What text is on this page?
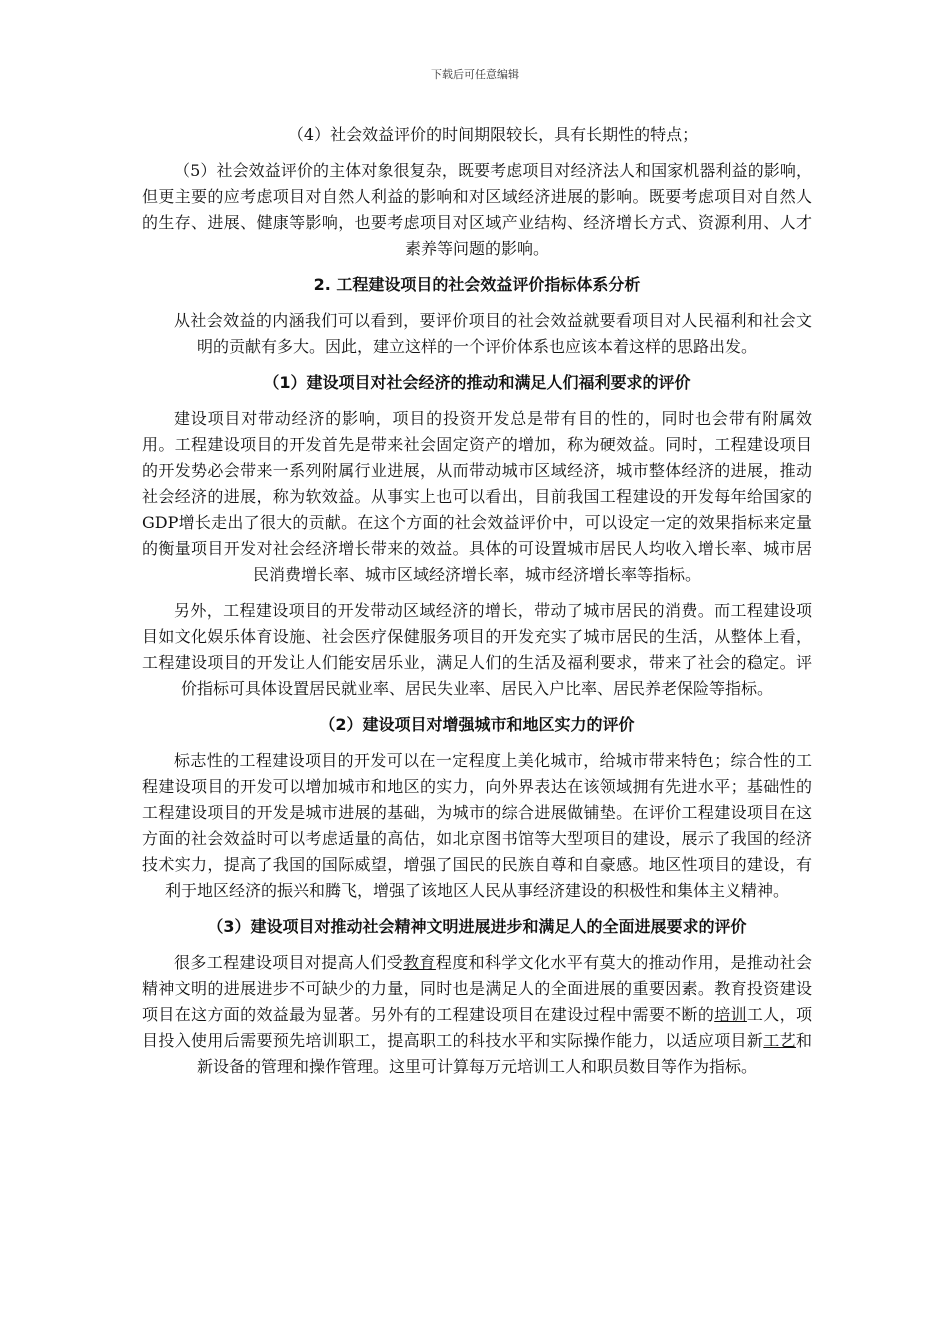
下载后可任意编辑

（4）社会效益评价的时间期限较长，具有长期性的特点；

（5）社会效益评价的主体对象很复杂，既要考虑项目对经济法人和国家机器利益的影响，但更主要的应考虑项目对自然人利益的影响和对区域经济进展的影响。既要考虑项目对自然人的生存、进展、健康等影响，也要考虑项目对区域产业结构、经济增长方式、资源利用、人才素养等问题的影响。

2. 工程建设项目的社会效益评价指标体系分析

从社会效益的内涵我们可以看到，要评价项目的社会效益就要看项目对人民福利和社会文明的贡献有多大。因此，建立这样的一个评价体系也应该本着这样的思路出发。

（1）建设项目对社会经济的推动和满足人们福利要求的评价

建设项目对带动经济的影响，项目的投资开发总是带有目的性的，同时也会带有附属效用。工程建设项目的开发首先是带来社会固定资产的增加，称为硬效益。同时，工程建设项目的开发势必会带来一系列附属行业进展，从而带动城市区域经济，城市整体经济的进展，推动社会经济的进展，称为软效益。从事实上也可以看出，目前我国工程建设的开发每年给国家的GDP增长走出了很大的贡献。在这个方面的社会效益评价中，可以设定一定的效果指标来定量的衡量项目开发对社会经济增长带来的效益。具体的可设置城市居民人均收入增长率、城市居民消费增长率、城市区域经济增长率，城市经济增长率等指标。

另外，工程建设项目的开发带动区域经济的增长，带动了城市居民的消费。而工程建设项目如文化娱乐体育设施、社会医疗保健服务项目的开发充实了城市居民的生活，从整体上看，工程建设项目的开发让人们能安居乐业，满足人们的生活及福利要求，带来了社会的稳定。评价指标可具体设置居民就业率、居民失业率、居民入户比率、居民养老保险等指标。

（2）建设项目对增强城市和地区实力的评价

标志性的工程建设项目的开发可以在一定程度上美化城市，给城市带来特色；综合性的工程建设项目的开发可以增加城市和地区的实力，向外界表达在该领域拥有先进水平；基础性的工程建设项目的开发是城市进展的基础，为城市的综合进展做铺垫。在评价工程建设项目在这方面的社会效益时可以考虑适量的高估，如北京图书馆等大型项目的建设，展示了我国的经济技术实力，提高了我国的国际威望，增强了国民的民族自尊和自豪感。地区性项目的建设，有利于地区经济的振兴和腾飞，增强了该地区人民从事经济建设的积极性和集体主义精神。

（3）建设项目对推动社会精神文明进展进步和满足人的全面进展要求的评价

很多工程建设项目对提高人们受教育程度和科学文化水平有莫大的推动作用，是推动社会精神文明的进展进步不可缺少的力量，同时也是满足人的全面进展的重要因素。教育投资建设项目在这方面的效益最为显著。另外有的工程建设项目在建设过程中需要不断的培训工人，项目投入使用后需要预先培训职工，提高职工的科技水平和实际操作能力，以适应项目新工艺和新设备的管理和操作管理。这里可计算每万元培训工人和职员数目等作为指标。
